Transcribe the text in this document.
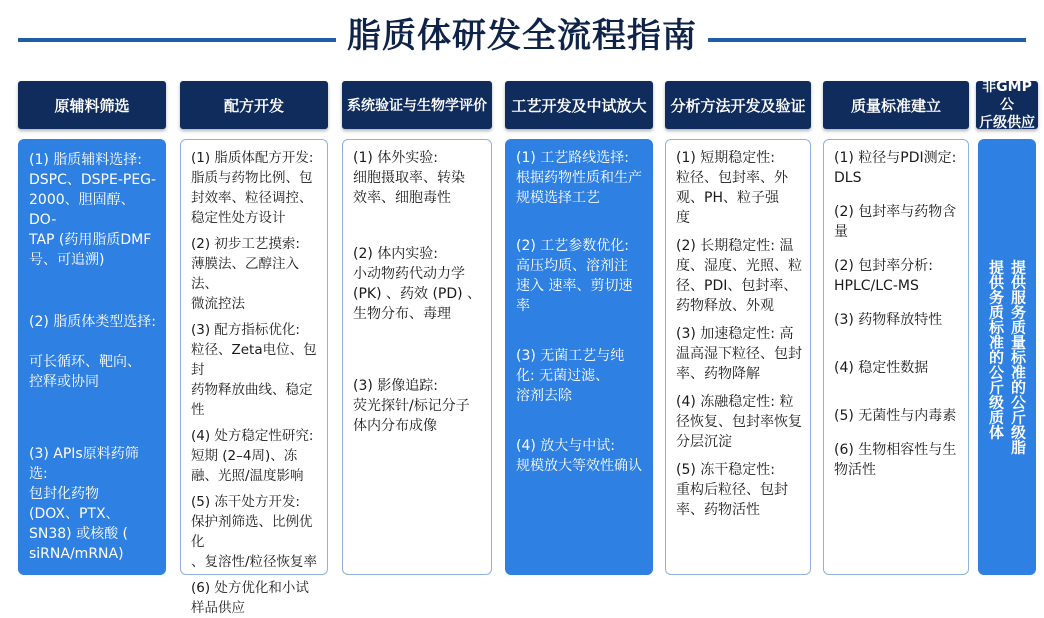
脂质体研发全流程指南
原辅料筛选

(1) 脂质辅料选择:
DSPC、DSPE-PEG-
2000、胆固醇、DO-
TAP (药用脂质DMF
号、可追溯)

(2) 脂质体类型选择:

可长循环、靶向、
控释或协同

(3) APIs原料药筛选:
包封化药物
(DOX、PTX、
SN38) 或核酸 (
siRNA/mRNA)

配方开发

(1) 脂质体配方开发:
脂质与药物比例、包
封效率、粒径调控、
稳定性处方设计

(2) 初步工艺摸索:
薄膜法、乙醇注入法、
微流控法

(3) 配方指标优化:
粒径、Zeta电位、包封
药物释放曲线、稳定性

(4) 处方稳定性研究:
短期 (2–4周)、冻
融、光照/温度影响

(5) 冻干处方开发:
保护剂筛选、比例优化
、复溶性/粒径恢复率

(6) 处方优化和小试
样品供应

系统验证与生物学评价

(1) 体外实验:
细胞摄取率、转染
效率、细胞毒性

(2) 体内实验:
小动物药代动力学
(PK) 、药效 (PD) 、
生物分布、毒理

(3) 影像追踪:
荧光探针/标记分子
体内分布成像

工艺开发及中试放大

(1) 工艺路线选择:
根据药物性质和生产
规模选择工艺

(2) 工艺参数优化:
高压均质、溶剂注
速入 速率、剪切速
率

(3) 无菌工艺与纯
化: 无菌过滤、
溶剂去除

(4) 放大与中试:
规模放大等效性确认

分析方法开发及验证

(1) 短期稳定性:
粒径、包封率、外
观、PH、粒子强
度

(2) 长期稳定性: 温
度、湿度、光照、粒
径、PDI、包封率、
药物释放、外观

(3) 加速稳定性: 高
温高湿下粒径、包封
率、药物降解

(4) 冻融稳定性: 粒
径恢复、包封率恢复
分层沉淀

(5) 冻干稳定性:
重构后粒径、包封
率、药物活性

质量标准建立

(1) 粒径与PDI测定:
DLS

(2) 包封率与药物含
量

(2) 包封率分析:
HPLC/LC-MS

(3) 药物释放特性

(4) 稳定性数据

(5) 无菌性与内毒素

(6) 生物相容性与生
物活性

非GMP公
斤级供应
提供服务质量标准的公斤级脂
提供务质标准的公斤级质体
